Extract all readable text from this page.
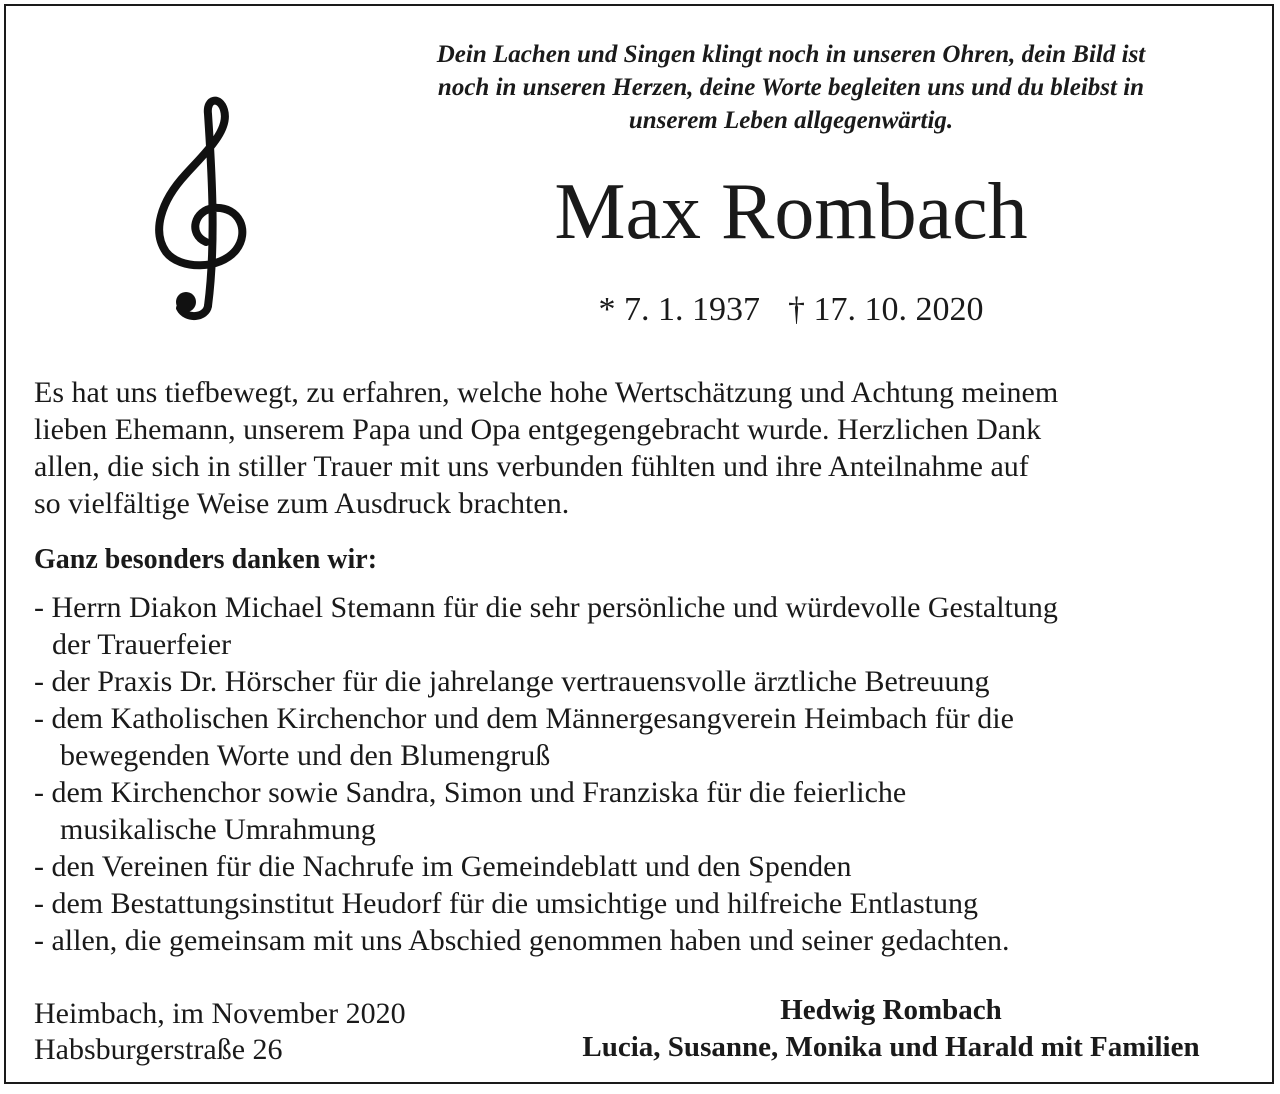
Dein Lachen und Singen klingt noch in unseren Ohren, dein Bild ist
noch in unseren Herzen, deine Worte begleiten uns und du bleibst in
unserem Leben allgegenwärtig.
Max Rombach
* 7. 1. 1937 † 17. 10. 2020
Es hat uns tiefbewegt, zu erfahren, welche hohe Wertschätzung und Achtung meinem
lieben Ehemann, unserem Papa und Opa entgegengebracht wurde. Herzlichen Dank
allen, die sich in stiller Trauer mit uns verbunden fühlten und ihre Anteilnahme auf
so vielfältige Weise zum Ausdruck brachten.
Ganz besonders danken wir:
- Herrn Diakon Michael Stemann für die sehr persönliche und würdevolle Gestaltung
der Trauerfeier
- der Praxis Dr. Hörscher für die jahrelange vertrauensvolle ärztliche Betreuung
- dem Katholischen Kirchenchor und dem Männergesangverein Heimbach für die
bewegenden Worte und den Blumengruß
- dem Kirchenchor sowie Sandra, Simon und Franziska für die feierliche
musikalische Umrahmung
- den Vereinen für die Nachrufe im Gemeindeblatt und den Spenden
- dem Bestattungsinstitut Heudorf für die umsichtige und hilfreiche Entlastung
- allen, die gemeinsam mit uns Abschied genommen haben und seiner gedachten.
Heimbach, im November 2020
Habsburgerstraße 26
Hedwig Rombach
Lucia, Susanne, Monika und Harald mit Familien
